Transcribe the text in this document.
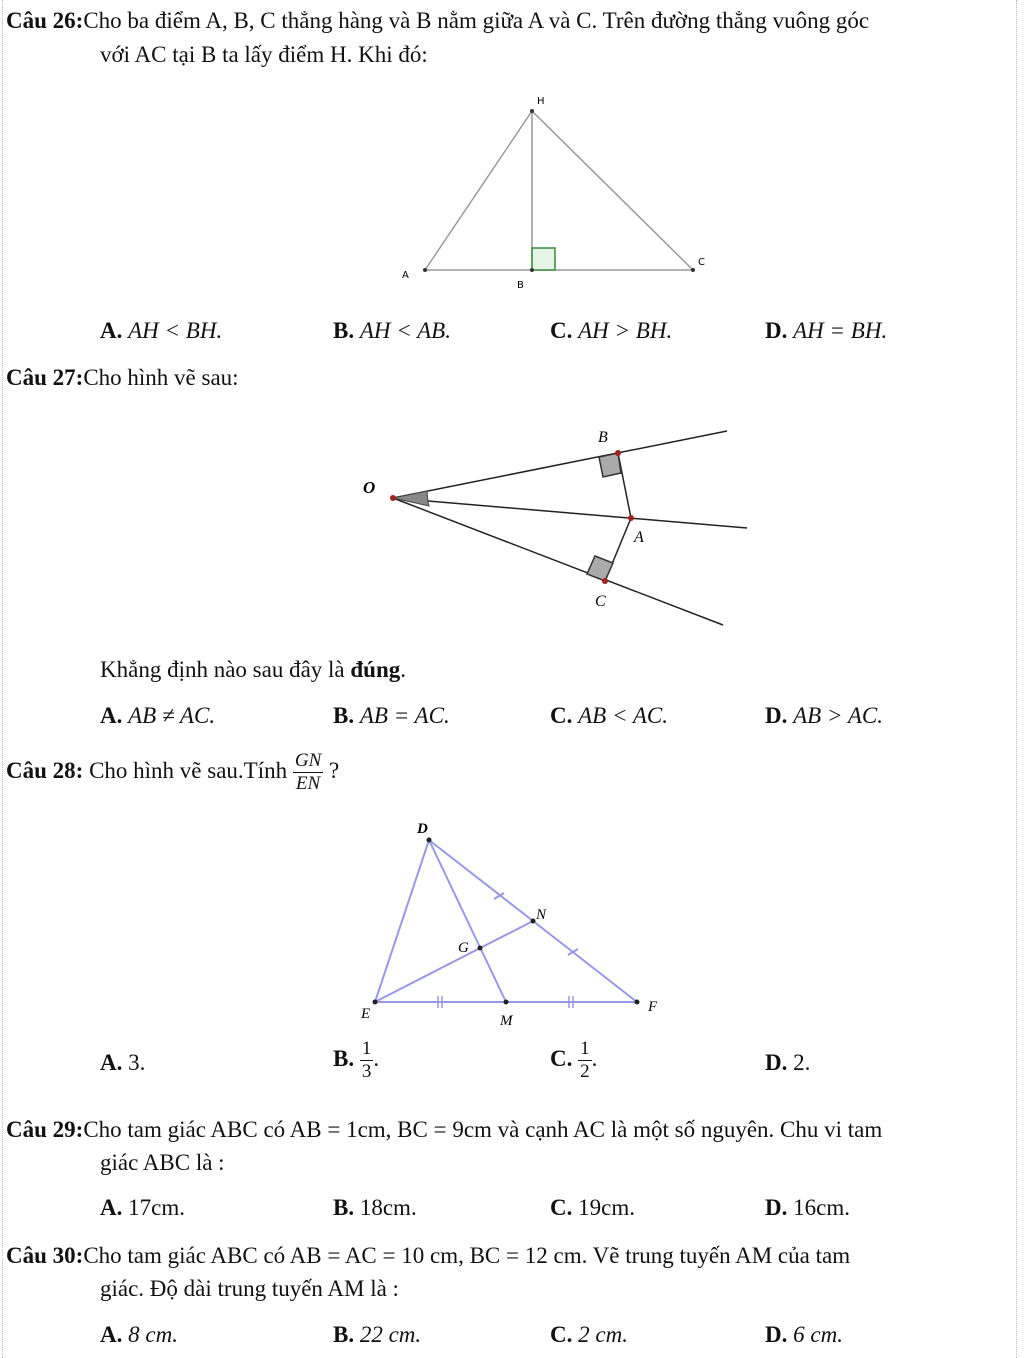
Câu 26:Cho ba điểm A, B, C thẳng hàng và B nằm giữa A và C. Trên đường thẳng vuông góc
với AC tại B ta lấy điểm H. Khi đó:
A
B
C
H
A. AH < BH.	B. AH < AB.	C. AH > BH.	D. AH = BH.
Câu 27:Cho hình vẽ sau:
O
B
A
C
Khẳng định nào sau đây là đúng.
A. AB ≠ AC.	B. AB = AC.	C. AB < AC.	D. AB > AC.
Câu 28: Cho hình vẽ sau.Tính $\frac{GN}{EN}$ ?
D
E	F
G
M
N
A. 3.	B. $\frac{1}{3}$ .	C. $\frac{1}{2}$ .	D. 2.
Câu 29:Cho tam giác ABC có AB = 1cm, BC = 9cm và cạnh AC là một số nguyên. Chu vi tam
giác ABC là :
A. 17cm.	B. 18cm.	C. 19cm.	D. 16cm.
Câu 30:Cho tam giác ABC có AB = AC = 10 cm, BC = 12 cm. Vẽ trung tuyến AM của tam
giác. Độ dài trung tuyến AM là :
A. 8 cm.	B. 22 cm.	C. 2 cm.	D. 6 cm.
